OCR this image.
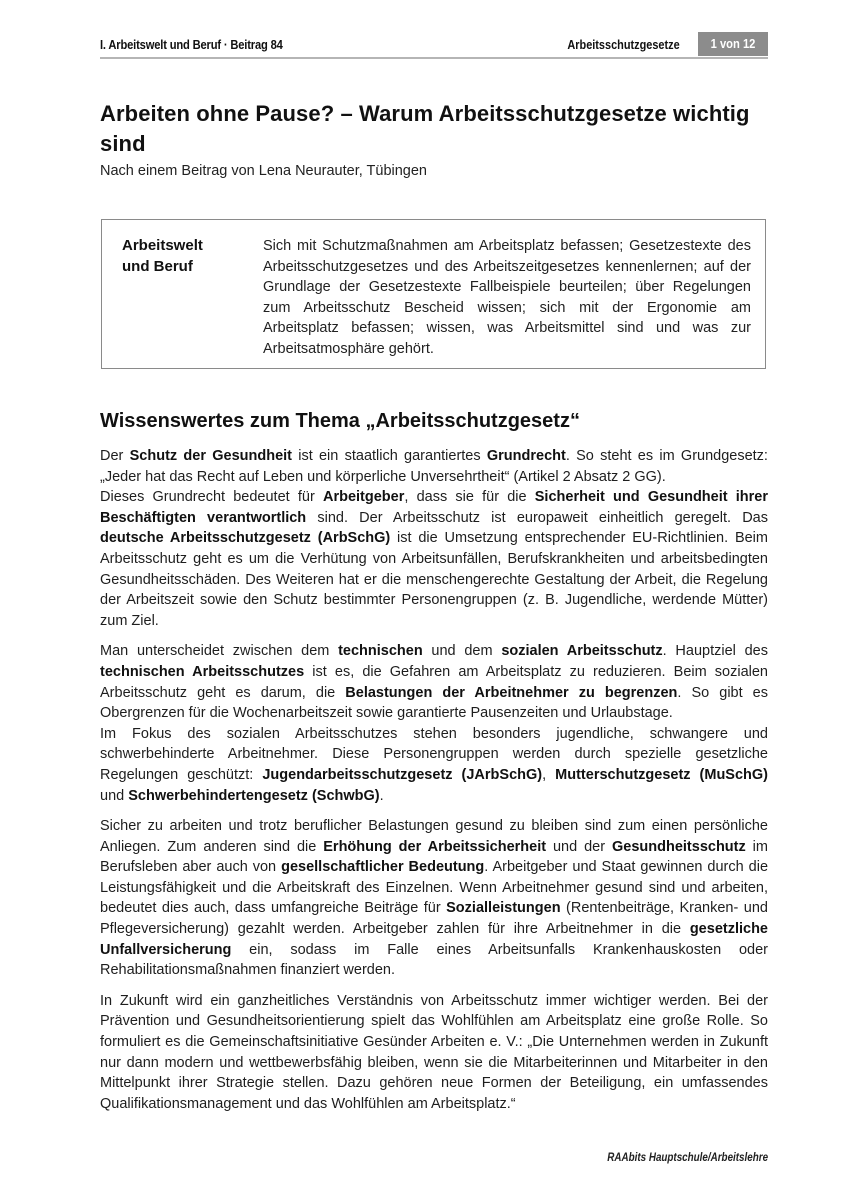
I. Arbeitswelt und Beruf · Beitrag 84	Arbeitsschutzgesetze	1 von 12
Arbeiten ohne Pause? – Warum Arbeitsschutzgesetze wichtig sind
Nach einem Beitrag von Lena Neurauter, Tübingen
Arbeitswelt
und Beruf
Sich mit Schutzmaßnahmen am Arbeitsplatz befassen; Gesetzestexte des Arbeitsschutzgesetzes und des Arbeitszeitgesetzes kennenlernen; auf der Grundlage der Gesetzestexte Fallbeispiele beurteilen; über Regelungen zum Arbeitsschutz Bescheid wissen; sich mit der Ergonomie am Arbeitsplatz befassen; wissen, was Arbeitsmittel sind und was zur Arbeitsatmosphäre gehört.
Wissenswertes zum Thema „Arbeitsschutzgesetz“

Der Schutz der Gesundheit ist ein staatlich garantiertes Grundrecht. So steht es im Grundgesetz: „Jeder hat das Recht auf Leben und körperliche Unversehrtheit“ (Artikel 2 Absatz 2 GG).
Dieses Grundrecht bedeutet für Arbeitgeber, dass sie für die Sicherheit und Gesundheit ihrer Beschäftigten verantwortlich sind. Der Arbeitsschutz ist europaweit einheitlich geregelt. Das deutsche Arbeitsschutzgesetz (ArbSchG) ist die Umsetzung entsprechender EU-Richtlinien. Beim Arbeitsschutz geht es um die Verhütung von Arbeitsunfällen, Berufskrankheiten und arbeitsbedingten Gesundheitsschäden. Des Weiteren hat er die menschengerechte Gestaltung der Arbeit, die Regelung der Arbeitszeit sowie den Schutz bestimmter Personengruppen (z. B. Jugendliche, werdende Mütter) zum Ziel.

Man unterscheidet zwischen dem technischen und dem sozialen Arbeitsschutz. Hauptziel des technischen Arbeitsschutzes ist es, die Gefahren am Arbeitsplatz zu reduzieren. Beim sozialen Arbeitsschutz geht es darum, die Belastungen der Arbeitnehmer zu begrenzen. So gibt es Obergrenzen für die Wochenarbeitszeit sowie garantierte Pausenzeiten und Urlaubstage.
Im Fokus des sozialen Arbeitsschutzes stehen besonders jugendliche, schwangere und schwerbehinderte Arbeitnehmer. Diese Personengruppen werden durch spezielle gesetzliche Regelungen geschützt: Jugendarbeitsschutzgesetz (JArbSchG), Mutterschutzgesetz (MuSchG) und Schwerbehindertengesetz (SchwbG).

Sicher zu arbeiten und trotz beruflicher Belastungen gesund zu bleiben sind zum einen persönliche Anliegen. Zum anderen sind die Erhöhung der Arbeitssicherheit und der Gesundheitsschutz im Berufsleben aber auch von gesellschaftlicher Bedeutung. Arbeitgeber und Staat gewinnen durch die Leistungsfähigkeit und die Arbeitskraft des Einzelnen. Wenn Arbeitnehmer gesund sind und arbeiten, bedeutet dies auch, dass umfangreiche Beiträge für Sozialleistungen (Rentenbeiträge, Kranken- und Pflegeversicherung) gezahlt werden. Arbeitgeber zahlen für ihre Arbeitnehmer in die gesetzliche Unfallversicherung ein, sodass im Falle eines Arbeitsunfalls Krankenhauskosten oder Rehabilitationsmaßnahmen finanziert werden.

In Zukunft wird ein ganzheitliches Verständnis von Arbeitsschutz immer wichtiger werden. Bei der Prävention und Gesundheitsorientierung spielt das Wohlfühlen am Arbeitsplatz eine große Rolle. So formuliert es die Gemeinschaftsinitiative Gesünder Arbeiten e. V.: „Die Unternehmen werden in Zukunft nur dann modern und wettbewerbsfähig bleiben, wenn sie die Mitarbeiterinnen und Mitarbeiter in den Mittelpunkt ihrer Strategie stellen. Dazu gehören neue Formen der Beteiligung, ein umfassendes Qualifikationsmanagement und das Wohlfühlen am Arbeitsplatz.“

RAAbits Hauptschule/Arbeitslehre
